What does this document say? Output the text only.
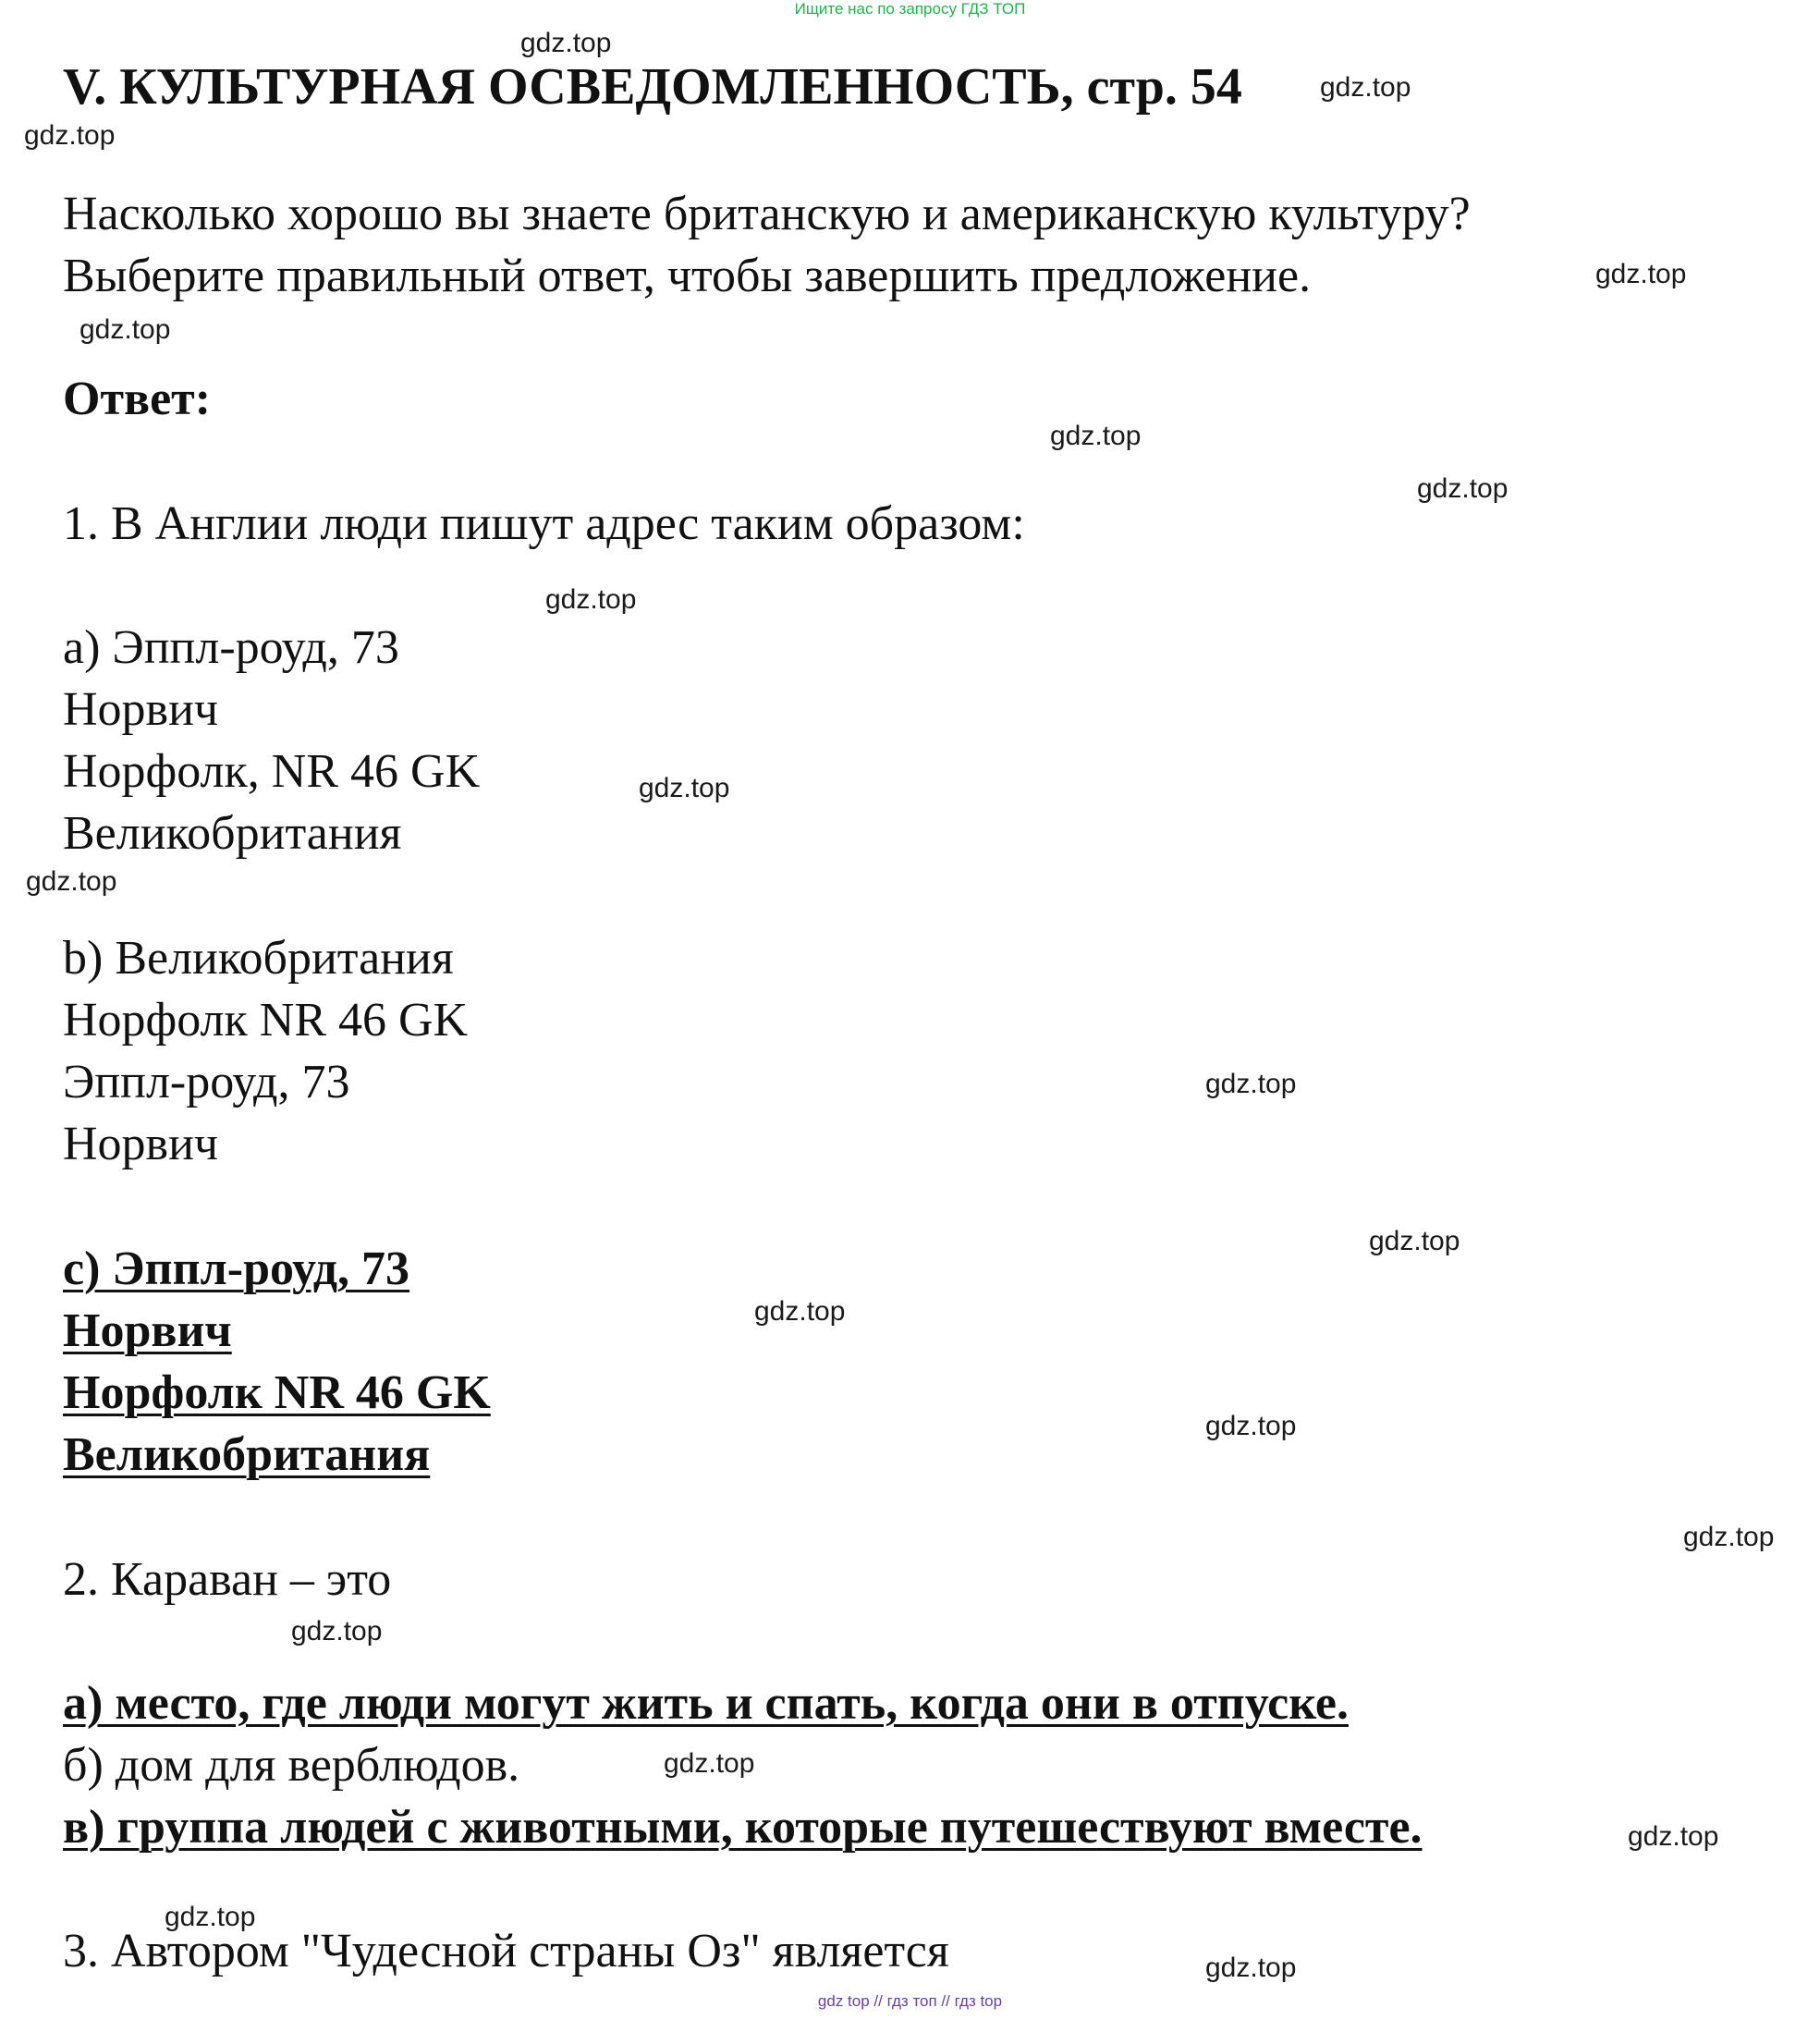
Ищите нас по запросу ГДЗ ТОП
V. КУЛЬТУРНАЯ ОСВЕДОМЛЕННОСТЬ, стр. 54
Насколько хорошо вы знаете британскую и американскую культуру?
Выберите правильный ответ, чтобы завершить предложение.
Ответ:
1. В Англии люди пишут адрес таким образом:
a) Эппл-роуд, 73
Норвич
Норфолк, NR 46 GK
Великобритания
b) Великобритания
Норфолк NR 46 GK
Эппл-роуд, 73
Норвич
c) Эппл-роуд, 73
Норвич
Норфолк NR 46 GK
Великобритания
2. Караван – это
а) место, где люди могут жить и спать, когда они в отпуске.
б) дом для верблюдов.
в) группа людей с животными, которые путешествуют вместе.
3. Автором "Чудесной страны Оз" является
gdz.top
gdz.top
gdz.top
gdz.top
gdz.top
gdz.top
gdz.top
gdz.top
gdz.top
gdz.top
gdz.top
gdz.top
gdz.top
gdz.top
gdz.top
gdz.top
gdz.top
gdz.top
gdz.top
gdz.top
gdz top // гдз топ // гдз top
